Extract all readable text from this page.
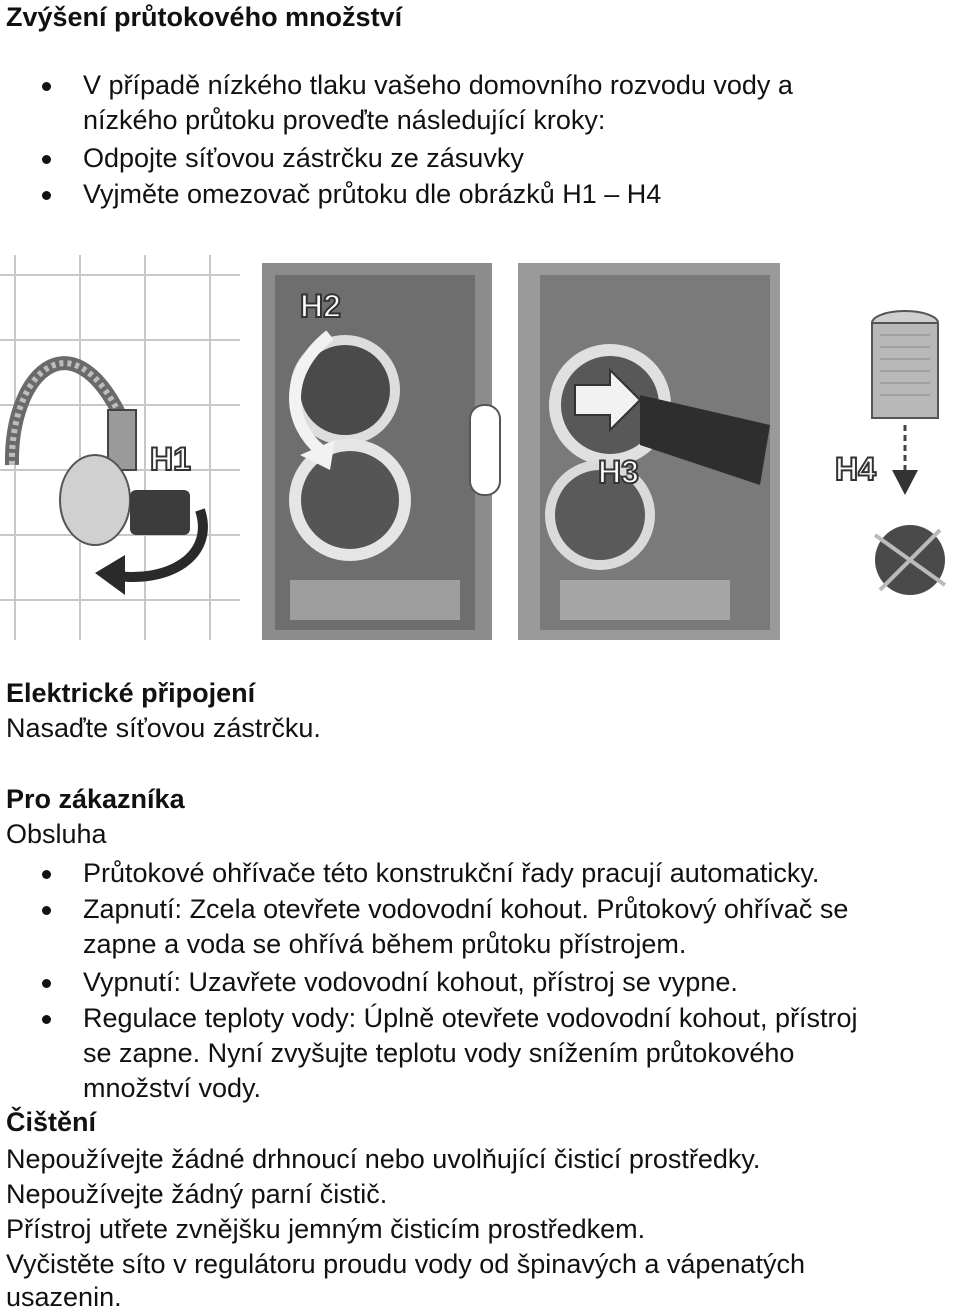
Zvýšení průtokového množství
V případě nízkého tlaku vašeho domovního rozvodu vody a
nízkého průtoku proveďte následující kroky:
Odpojte síťovou zástrčku ze zásuvky
Vyjměte omezovač průtoku dle obrázků H1 – H4
H1
H2
H3	H4
Elektrické připojení

Nasaďte síťovou zástrčku.

Pro zákazníka

Obsluha

Průtokové ohřívače této konstrukční řady pracují automaticky.
Zapnutí: Zcela otevřete vodovodní kohout. Průtokový ohřívač se
zapne a voda se ohřívá během průtoku přístrojem.
Vypnutí: Uzavřete vodovodní kohout, přístroj se vypne.
Regulace teploty vody: Úplně otevřete vodovodní kohout, přístroj
se zapne. Nyní zvyšujte teplotu vody snížením průtokového
množství vody.
Čištění

Nepoužívejte žádné drhnoucí nebo uvolňující čisticí prostředky.

Nepoužívejte žádný parní čistič.

Přístroj utřete zvnějšku jemným čisticím prostředkem.

Vyčistěte síto v regulátoru proudu vody od špinavých a vápenatých

usazenin.
